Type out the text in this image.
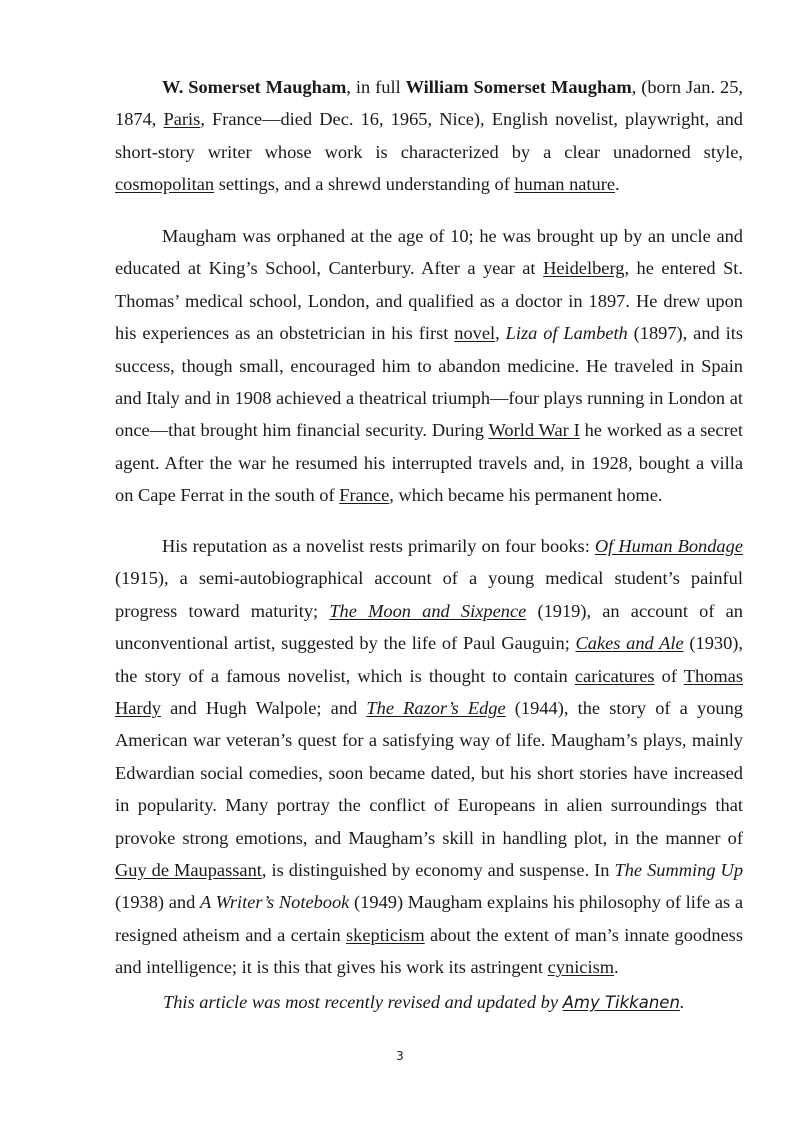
W. Somerset Maugham, in full William Somerset Maugham, (born Jan. 25, 1874, Paris, France—died Dec. 16, 1965, Nice), English novelist, playwright, and short-story writer whose work is characterized by a clear unadorned style, cosmopolitan settings, and a shrewd understanding of human nature.

Maugham was orphaned at the age of 10; he was brought up by an uncle and educated at King’s School, Canterbury. After a year at Heidelberg, he entered St. Thomas’ medical school, London, and qualified as a doctor in 1897. He drew upon his experiences as an obstetrician in his first novel, Liza of Lambeth (1897), and its success, though small, encouraged him to abandon medicine. He traveled in Spain and Italy and in 1908 achieved a theatrical triumph—four plays running in London at once—that brought him financial security. During World War I he worked as a secret agent. After the war he resumed his interrupted travels and, in 1928, bought a villa on Cape Ferrat in the south of France, which became his permanent home.

His reputation as a novelist rests primarily on four books: Of Human Bondage (1915), a semi-autobiographical account of a young medical student’s painful progress toward maturity; The Moon and Sixpence (1919), an account of an unconventional artist, suggested by the life of Paul Gauguin; Cakes and Ale (1930), the story of a famous novelist, which is thought to contain caricatures of Thomas Hardy and Hugh Walpole; and The Razor’s Edge (1944), the story of a young American war veteran’s quest for a satisfying way of life. Maugham’s plays, mainly Edwardian social comedies, soon became dated, but his short stories have increased in popularity. Many portray the conflict of Europeans in alien surroundings that provoke strong emotions, and Maugham’s skill in handling plot, in the manner of Guy de Maupassant, is distinguished by economy and suspense. In The Summing Up (1938) and A Writer’s Notebook (1949) Maugham explains his philosophy of life as a resigned atheism and a certain skepticism about the extent of man’s innate goodness and intelligence; it is this that gives his work its astringent cynicism.

This article was most recently revised and updated by Amy Tikkanen.

3
